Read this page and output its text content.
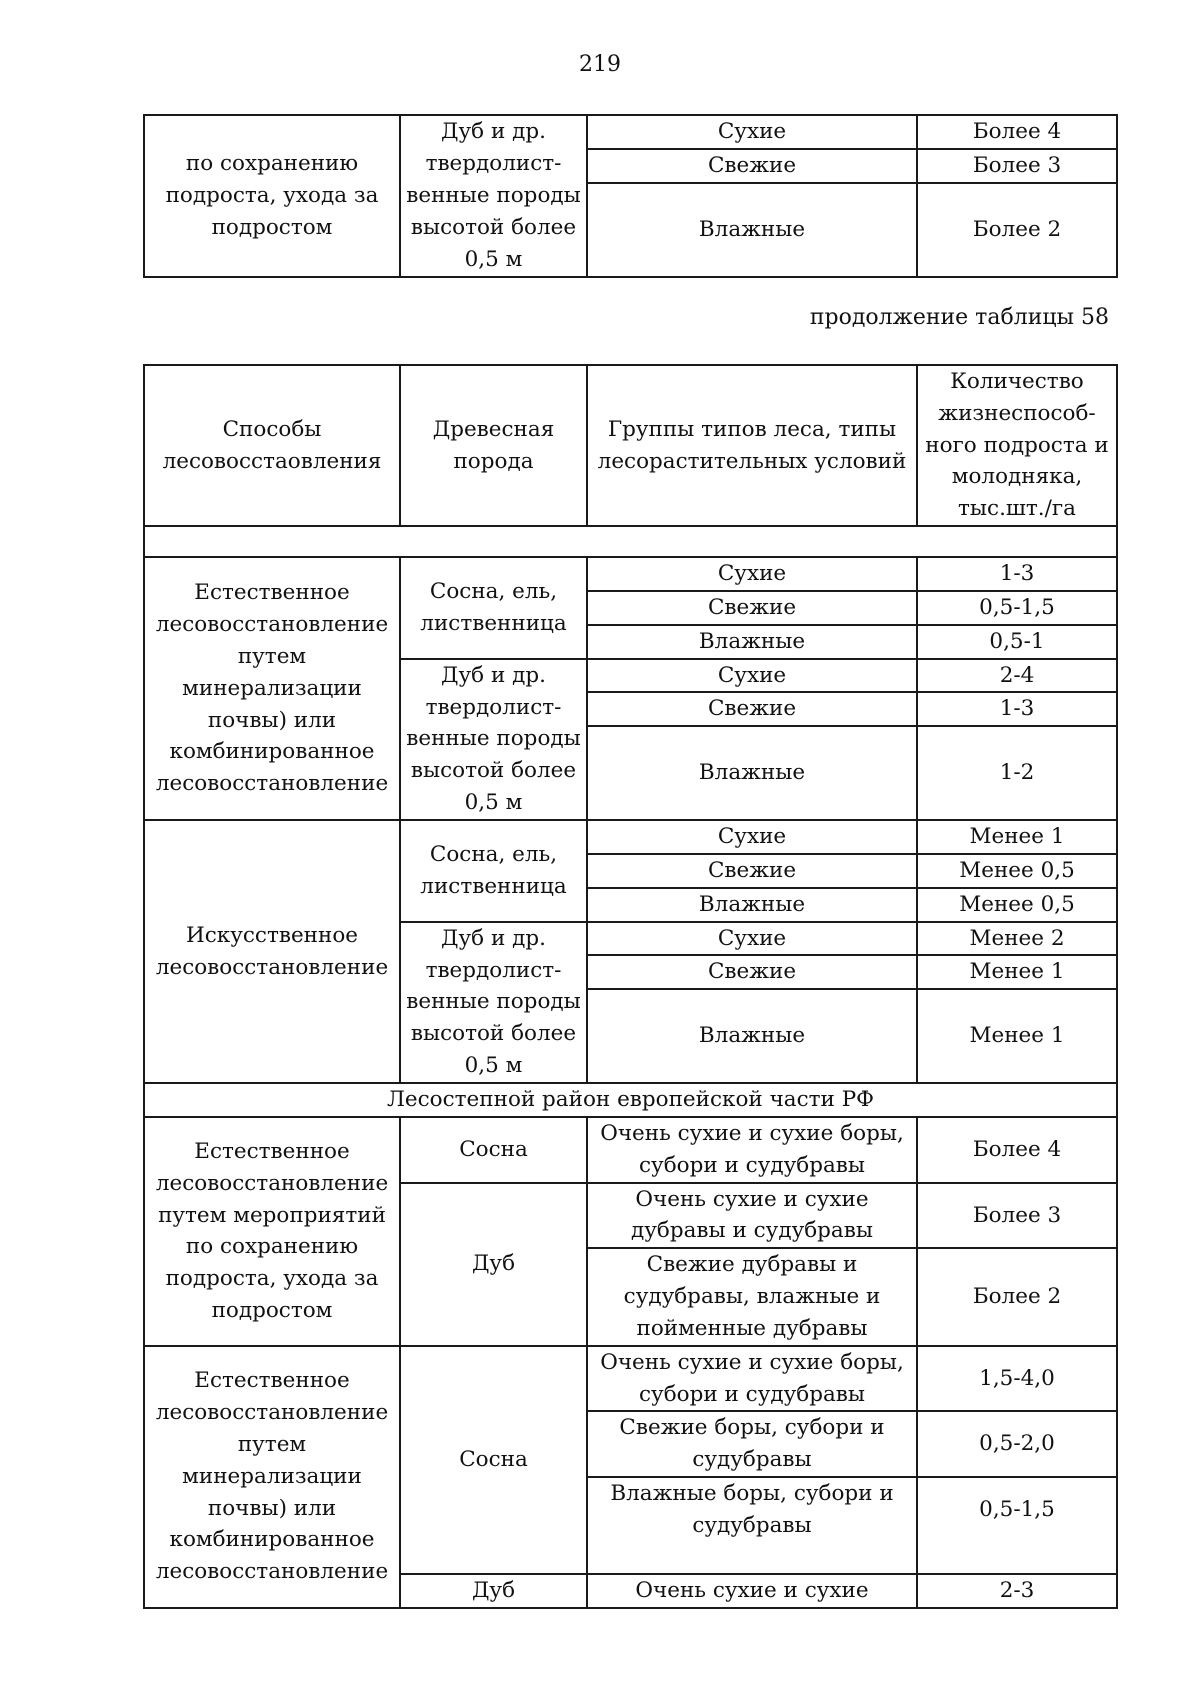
219
по сохранению подроста, ухода за подростом	Дуб и др. твердолист-венные породы высотой более 0,5 м	Сухие	Более 4
		Свежие	Более 3
		Влажные	Более 2
продолжение таблицы 58
Способы лесовосстаовления	Древесная порода	Группы типов леса, типы лесорастительных условий	Количество жизнеспособ-ного подроста и молодняка, тыс.шт./га

Естественное лесовосстановление путем минерализации почвы) или комбинированное лесовосстановление	Сосна, ель, лиственница	Сухие	1-3
		Свежие	0,5-1,5
		Влажные	0,5-1
	Дуб и др. твердолист-венные породы высотой более 0,5 м	Сухие	2-4
		Свежие	1-3
		Влажные	1-2
Искусственное лесовосстановление	Сосна, ель, лиственница	Сухие	Менее 1
		Свежие	Менее 0,5
		Влажные	Менее 0,5
	Дуб и др. твердолист-венные породы высотой более 0,5 м	Сухие	Менее 2
		Свежие	Менее 1
		Влажные	Менее 1
Лесостепной район европейской части РФ			
Естественное лесовосстановление путем мероприятий по сохранению подроста, ухода за подростом	Сосна	Очень сухие и сухие боры, субори и судубравы	Более 4
	Дуб	Очень сухие и сухие дубравы и судубравы	Более 3
		Свежие дубравы и судубравы, влажные и пойменные дубравы	Более 2
Естественное лесовосстановление путем минерализации почвы) или комбинированное лесовосстановление	Сосна	Очень сухие и сухие боры, субори и судубравы	1,5-4,0
		Свежие боры, субори и судубравы	0,5-2,0
		Влажные боры, субори и судубравы	0,5-1,5
	Дуб	Очень сухие и сухие	2-3
